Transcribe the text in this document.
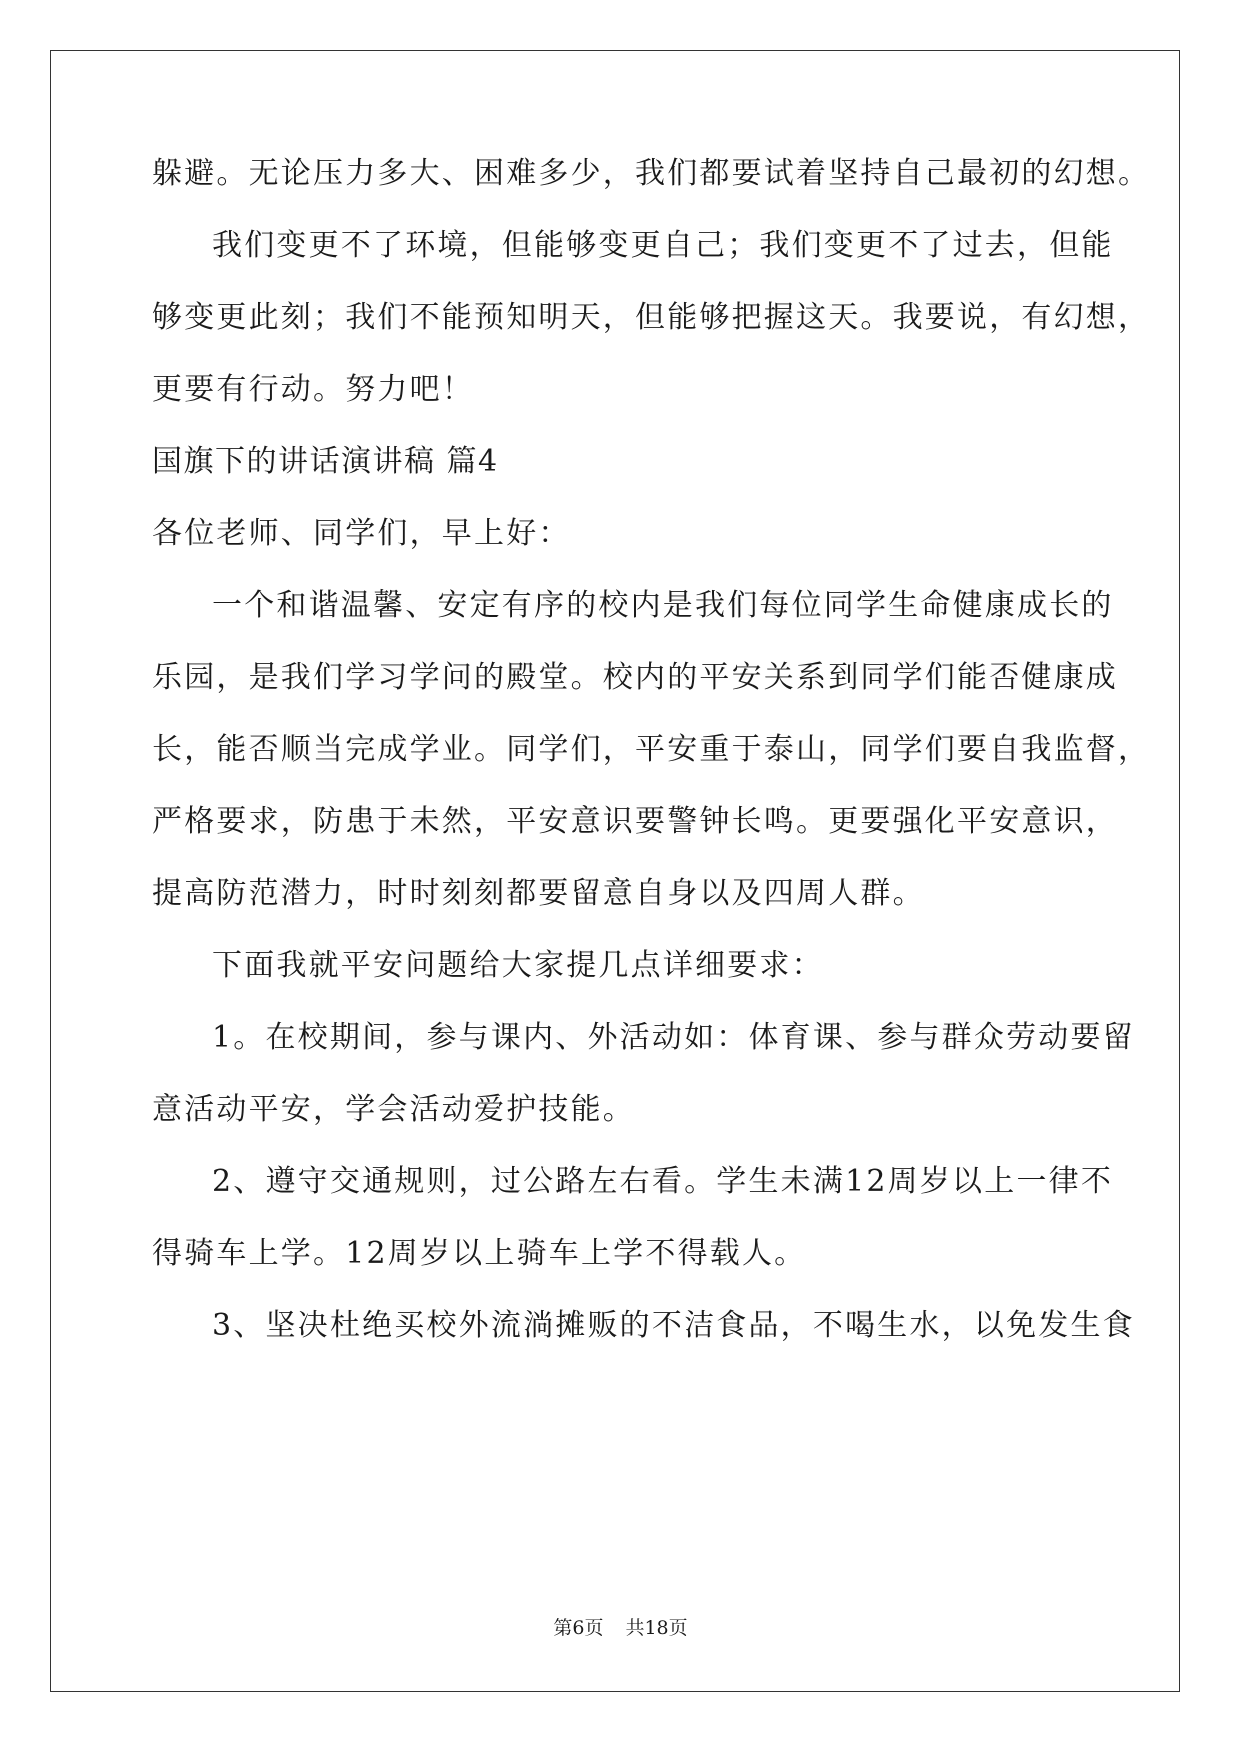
躲避。无论压力多大、困难多少，我们都要试着坚持自己最初的幻想。

我们变更不了环境，但能够变更自己；我们变更不了过去，但能

够变更此刻；我们不能预知明天，但能够把握这天。我要说，有幻想，

更要有行动。努力吧！

国旗下的讲话演讲稿 篇4

各位老师、同学们，早上好：

一个和谐温馨、安定有序的校内是我们每位同学生命健康成长的

乐园，是我们学习学问的殿堂。校内的平安关系到同学们能否健康成

长，能否顺当完成学业。同学们，平安重于泰山，同学们要自我监督，

严格要求，防患于未然，平安意识要警钟长鸣。更要强化平安意识，

提高防范潜力，时时刻刻都要留意自身以及四周人群。

下面我就平安问题给大家提几点详细要求：

1。在校期间，参与课内、外活动如：体育课、参与群众劳动要留

意活动平安，学会活动爱护技能。

2、遵守交通规则，过公路左右看。学生未满12周岁以上一律不

得骑车上学。12周岁以上骑车上学不得载人。

3、坚决杜绝买校外流淌摊贩的不洁食品，不喝生水，以免发生食

第6页 共18页
